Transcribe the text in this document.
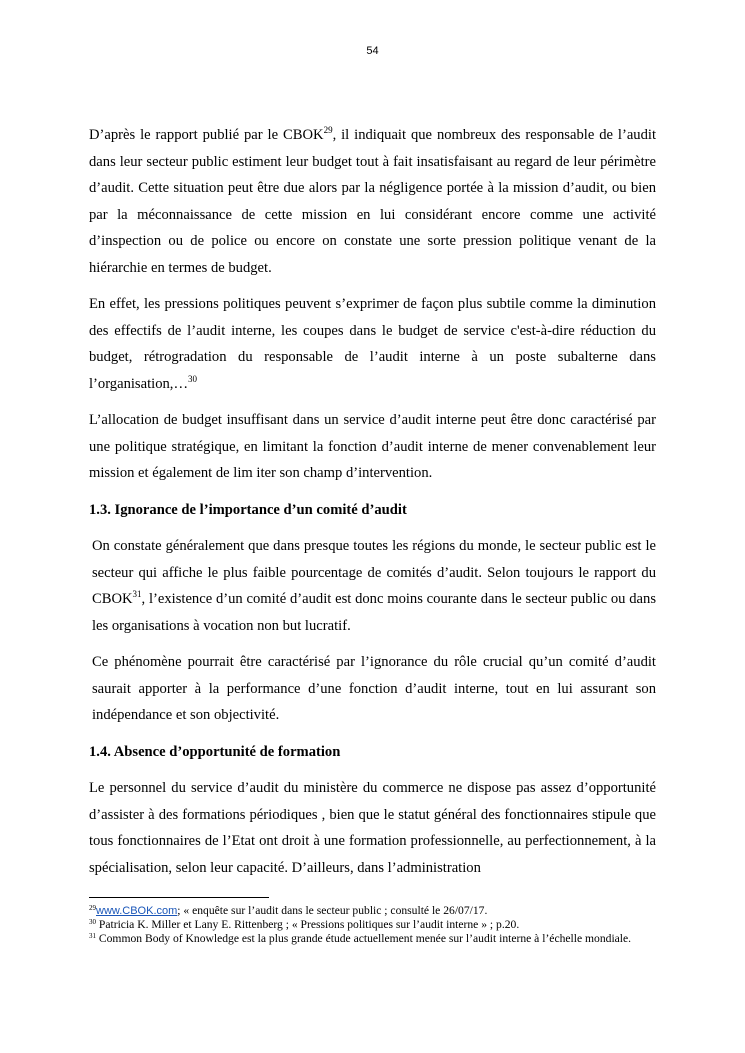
54

D’après le rapport publié par le CBOK$^{29}$, il indiquait que nombreux des responsable de l’audit dans leur secteur public estiment leur budget tout à fait insatisfaisant au regard de leur périmètre d’audit. Cette situation peut être due alors par la négligence portée à la mission d’audit, ou bien par la méconnaissance de cette mission en lui considérant encore comme une activité d’inspection ou de police ou encore on constate une sorte pression politique venant de la hiérarchie en termes de budget.

En effet, les pressions politiques peuvent s’exprimer de façon plus subtile comme la diminution des effectifs de l’audit interne, les coupes dans le budget de service c'est-à-dire réduction du budget, rétrogradation du responsable de l’audit interne à un poste subalterne dans l’organisation,…$^{30}$

L’allocation de budget insuffisant dans un service d’audit interne peut être donc caractérisé par une politique stratégique, en limitant la fonction d’audit interne de mener convenablement leur mission et également de lim iter son champ d’intervention.

1.3. Ignorance de l’importance d’un comité d’audit

On constate généralement que dans presque toutes les régions du monde, le secteur public est le secteur qui affiche le plus faible pourcentage de comités d’audit. Selon toujours le rapport du CBOK$^{31}$, l’existence d’un comité d’audit est donc moins courante dans le secteur public ou dans les organisations à vocation non but lucratif.

Ce phénomène pourrait être caractérisé par l’ignorance du rôle crucial qu’un comité d’audit saurait apporter à la performance d’une fonction d’audit interne, tout en lui assurant son indépendance et son objectivité.

1.4. Absence d’opportunité de formation

Le personnel du service d’audit du ministère du commerce ne dispose pas assez d’opportunité d’assister à des formations périodiques , bien que le statut général des fonctionnaires stipule que tous fonctionnaires de l’Etat ont droit à une formation professionnelle, au perfectionnement, à la spécialisation, selon leur capacité. D’ailleurs, dans l’administration

$^{29}$www.CBOK.com; « enquête sur l’audit dans le secteur public ; consulté le 26/07/17.
$^{30}$ Patricia K. Miller et Lany E. Rittenberg ; « Pressions politiques sur l’audit interne » ; p.20.
$^{31}$ Common Body of Knowledge est la plus grande étude actuellement menée sur l’audit interne à l’échelle mondiale.
